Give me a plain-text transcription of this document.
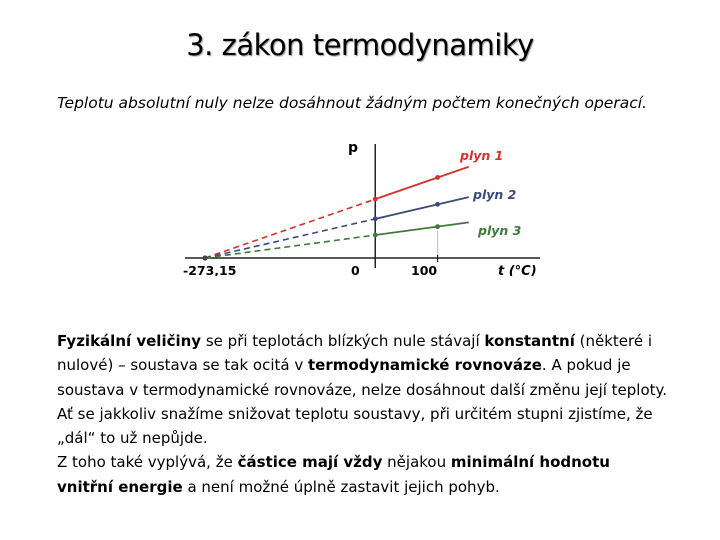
3. zákon termodynamiky
Teplotu absolutní nuly nelze dosáhnout žádným počtem konečných operací.
p
t (°C)
-273,15	0	100
plyn 1
plyn 2
plyn 3

Fyzikální veličiny se při teplotách blízkých nule stávají konstantní (některé i nulové) – soustava se tak ocitá v termodynamické rovnováze. A pokud je soustava v termodynamické rovnováze, nelze dosáhnout další změnu její teploty. Ať se jakkoliv snažíme snižovat teplotu soustavy, při určitém stupni zjistíme, že „dál“ to už nepůjde.

Z toho také vyplývá, že částice mají vždy nějakou minimální hodnotu vnitřní energie a není možné úplně zastavit jejich pohyb.
